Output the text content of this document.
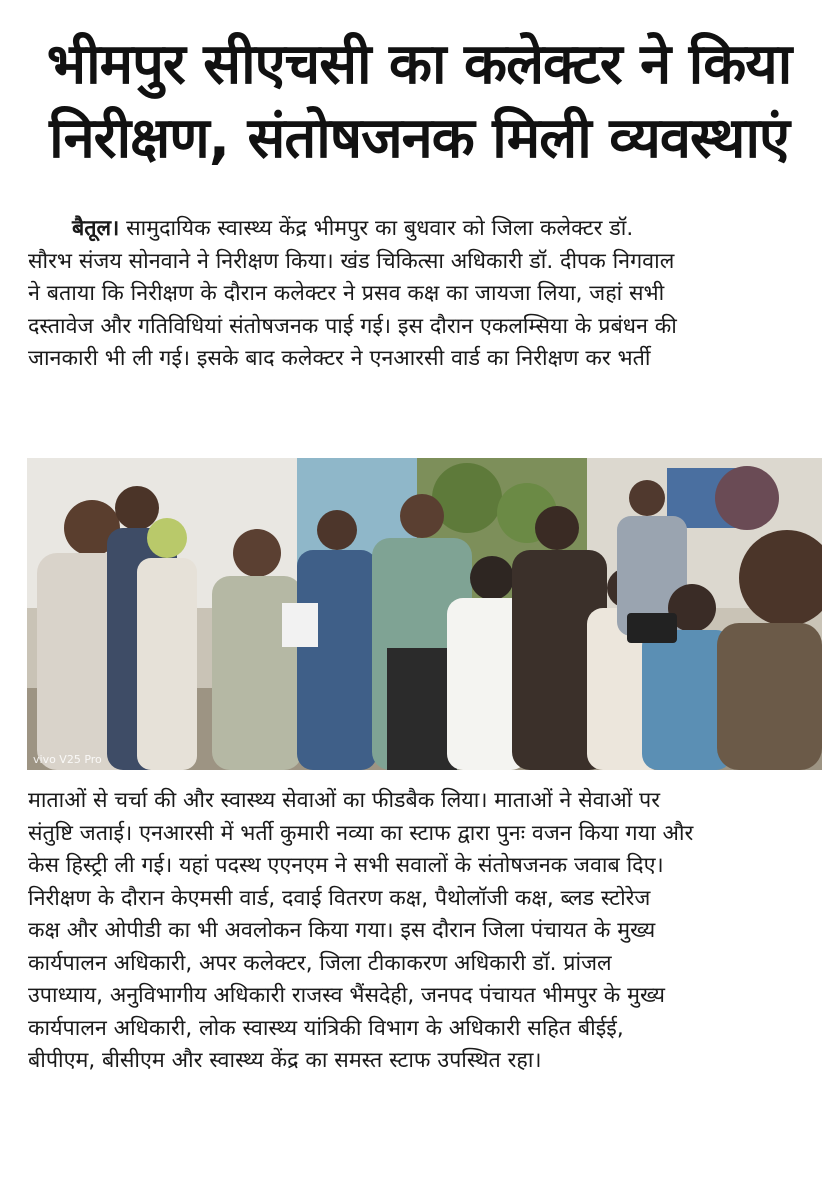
भीमपुर सीएचसी का कलेक्टर ने किया
निरीक्षण, संतोषजनक मिली व्यवस्थाएं
बैतूल। सामुदायिक स्वास्थ्य केंद्र भीमपुर का बुधवार को जिला कलेक्टर डॉ.
सौरभ संजय सोनवाने ने निरीक्षण किया। खंड चिकित्सा अधिकारी डॉ. दीपक निगवाल
ने बताया कि निरीक्षण के दौरान कलेक्टर ने प्रसव कक्ष का जायजा लिया, जहां सभी
दस्तावेज और गतिविधियां संतोषजनक पाई गई। इस दौरान एकलम्सिया के प्रबंधन की
जानकारी भी ली गई। इसके बाद कलेक्टर ने एनआरसी वार्ड का निरीक्षण कर भर्ती
vivo V25 Pro
माताओं से चर्चा की और स्वास्थ्य सेवाओं का फीडबैक लिया। माताओं ने सेवाओं पर
संतुष्टि जताई। एनआरसी में भर्ती कुमारी नव्या का स्टाफ द्वारा पुनः वजन किया गया और
केस हिस्ट्री ली गई। यहां पदस्थ एएनएम ने सभी सवालों के संतोषजनक जवाब दिए।
निरीक्षण के दौरान केएमसी वार्ड, दवाई वितरण कक्ष, पैथोलॉजी कक्ष, ब्लड स्टोरेज
कक्ष और ओपीडी का भी अवलोकन किया गया। इस दौरान जिला पंचायत के मुख्य
कार्यपालन अधिकारी, अपर कलेक्टर, जिला टीकाकरण अधिकारी डॉ. प्रांजल
उपाध्याय, अनुविभागीय अधिकारी राजस्व भैंसदेही, जनपद पंचायत भीमपुर के मुख्य
कार्यपालन अधिकारी, लोक स्वास्थ्य यांत्रिकी विभाग के अधिकारी सहित बीईई,
बीपीएम, बीसीएम और स्वास्थ्य केंद्र का समस्त स्टाफ उपस्थित रहा।
